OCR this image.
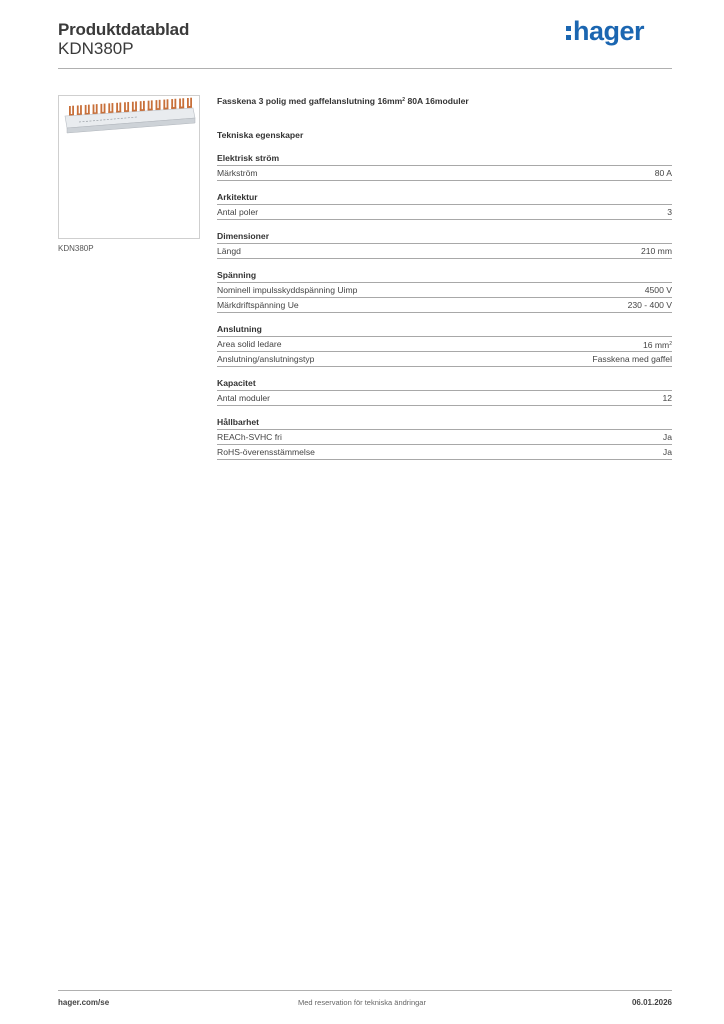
Produktdatablad
KDN380P
hager
KDN380P
Fasskena 3 polig med gaffelanslutning $16mm^2$ 80A 16moduler
Tekniska egenskaper
Elektrisk ström
Märkström	80 A
Arkitektur
Antal poler	3
Dimensioner
Längd	210 mm
Spänning
Nominell impulsskyddspänning Uimp	4500 V
Märkdriftspänning Ue	230 - 400 V
Anslutning
Area solid ledare	16 $mm^2$
Anslutning/anslutningstyp	Fasskena med gaffel
Kapacitet
Antal moduler	12
Hållbarhet
REACh-SVHC fri	Ja
RoHS-överensstämmelse	Ja
hager.com/se	Med reservation för tekniska ändringar	06.01.2026
